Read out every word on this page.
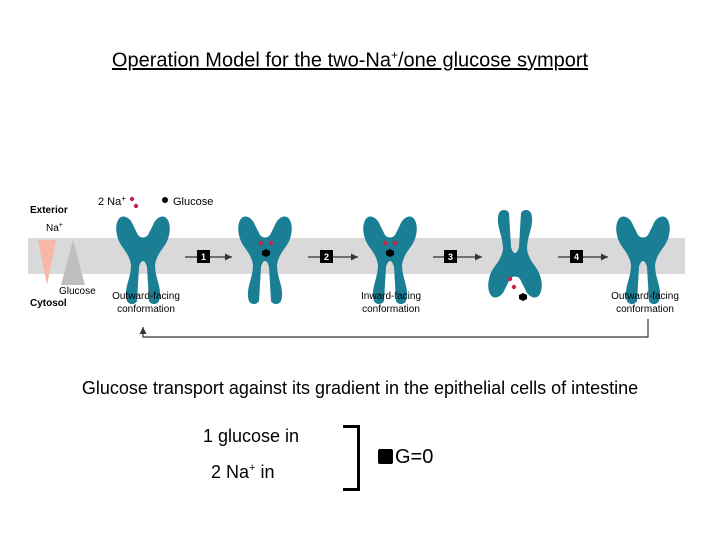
Operation Model for the two-Na+/one glucose symport
Exterior
Na+
Glucose
Cytosol
2 Na+	Glucose
1	2	3	4
Outward-facing
conformation
Inward-facing
conformation
Outward-facing
conformation
Glucose transport against its gradient in the epithelial cells of intestine
1 glucose in
2 Na+ in
G=0
